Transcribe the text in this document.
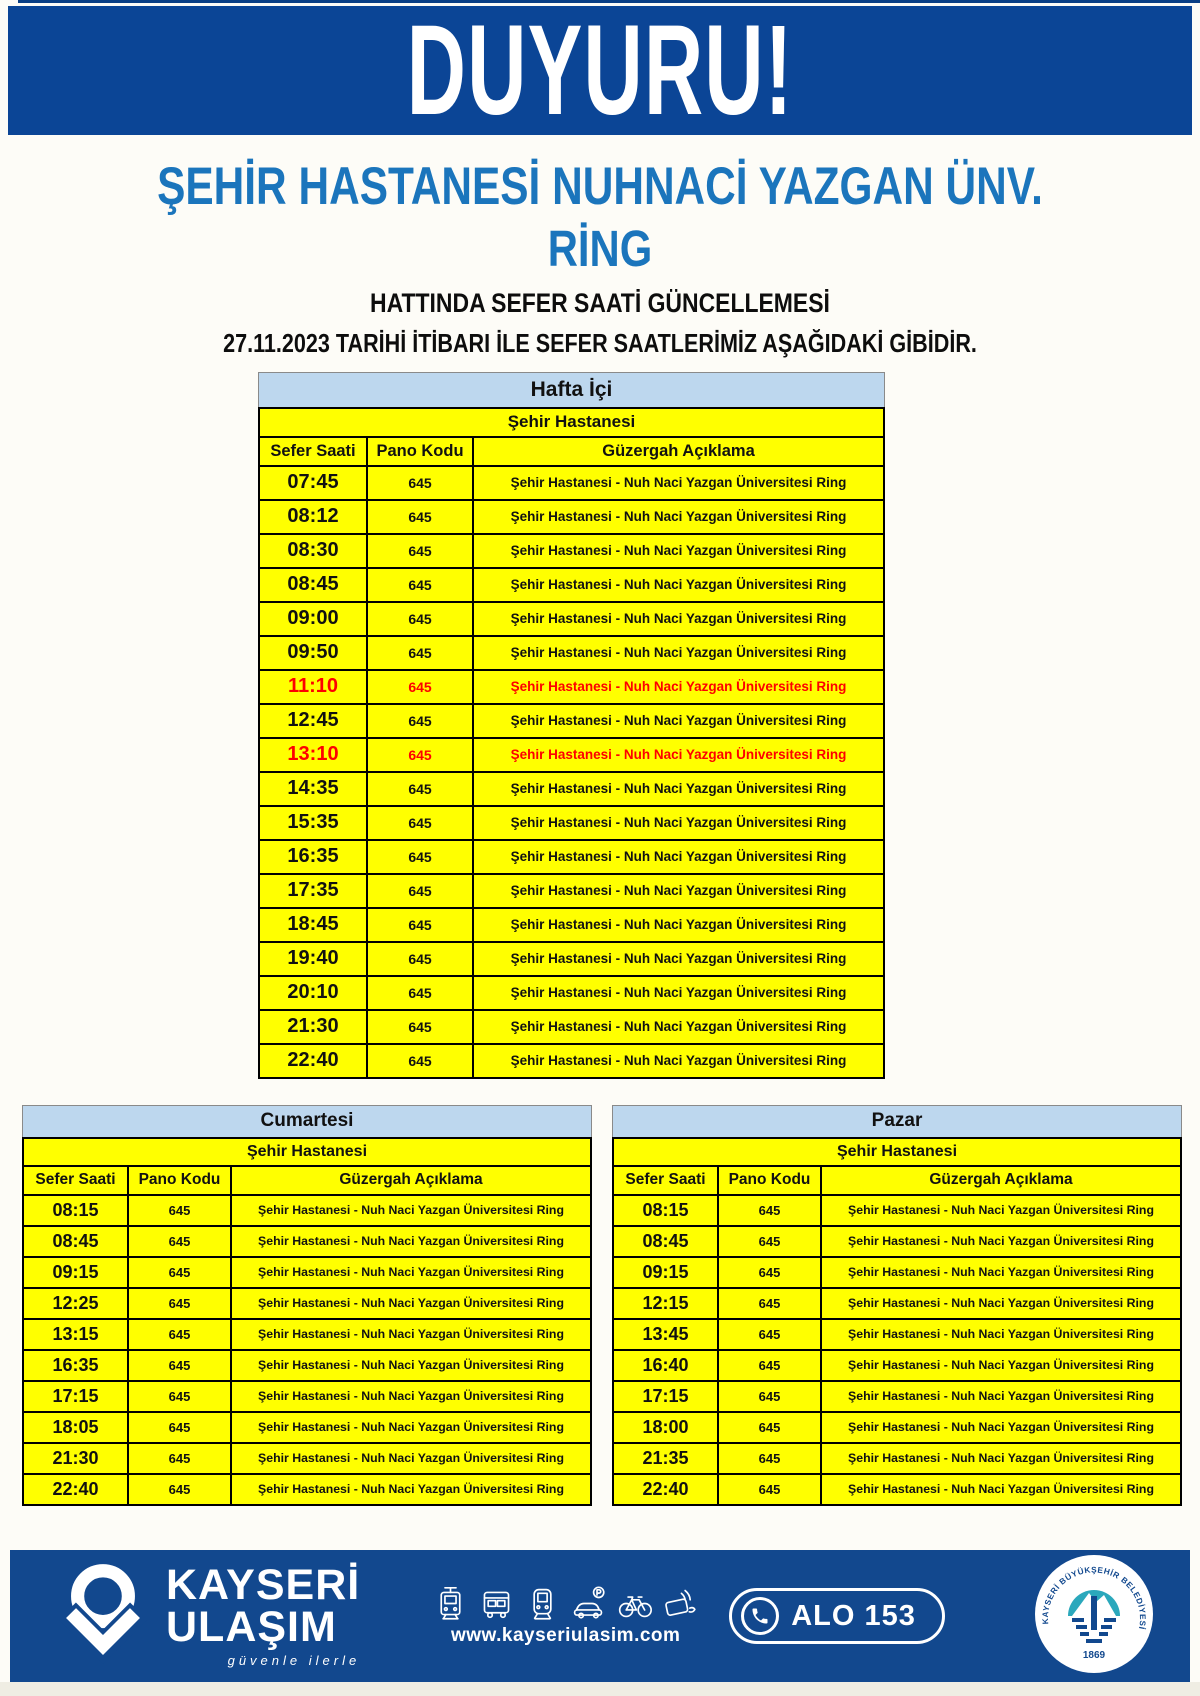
DUYURU!
ŞEHİR HASTANESİ NUHNACİ YAZGAN ÜNV.
RİNG
HATTINDA SEFER SAATİ GÜNCELLEMESİ
27.11.2023 TARİHİ İTİBARI İLE SEFER SAATLERİMİZ AŞAĞIDAKİ GİBİDİR.
Hafta İçi
Şehir Hastanesi
Sefer Saati	Pano Kodu	Güzergah Açıklama
07:45	645	Şehir Hastanesi - Nuh Naci Yazgan Üniversitesi Ring
08:12	645	Şehir Hastanesi - Nuh Naci Yazgan Üniversitesi Ring
08:30	645	Şehir Hastanesi - Nuh Naci Yazgan Üniversitesi Ring
08:45	645	Şehir Hastanesi - Nuh Naci Yazgan Üniversitesi Ring
09:00	645	Şehir Hastanesi - Nuh Naci Yazgan Üniversitesi Ring
09:50	645	Şehir Hastanesi - Nuh Naci Yazgan Üniversitesi Ring
11:10	645	Şehir Hastanesi - Nuh Naci Yazgan Üniversitesi Ring
12:45	645	Şehir Hastanesi - Nuh Naci Yazgan Üniversitesi Ring
13:10	645	Şehir Hastanesi - Nuh Naci Yazgan Üniversitesi Ring
14:35	645	Şehir Hastanesi - Nuh Naci Yazgan Üniversitesi Ring
15:35	645	Şehir Hastanesi - Nuh Naci Yazgan Üniversitesi Ring
16:35	645	Şehir Hastanesi - Nuh Naci Yazgan Üniversitesi Ring
17:35	645	Şehir Hastanesi - Nuh Naci Yazgan Üniversitesi Ring
18:45	645	Şehir Hastanesi - Nuh Naci Yazgan Üniversitesi Ring
19:40	645	Şehir Hastanesi - Nuh Naci Yazgan Üniversitesi Ring
20:10	645	Şehir Hastanesi - Nuh Naci Yazgan Üniversitesi Ring
21:30	645	Şehir Hastanesi - Nuh Naci Yazgan Üniversitesi Ring
22:40	645	Şehir Hastanesi - Nuh Naci Yazgan Üniversitesi Ring
Cumartesi
Şehir Hastanesi
Sefer Saati	Pano Kodu	Güzergah Açıklama
08:15	645	Şehir Hastanesi - Nuh Naci Yazgan Üniversitesi Ring
08:45	645	Şehir Hastanesi - Nuh Naci Yazgan Üniversitesi Ring
09:15	645	Şehir Hastanesi - Nuh Naci Yazgan Üniversitesi Ring
12:25	645	Şehir Hastanesi - Nuh Naci Yazgan Üniversitesi Ring
13:15	645	Şehir Hastanesi - Nuh Naci Yazgan Üniversitesi Ring
16:35	645	Şehir Hastanesi - Nuh Naci Yazgan Üniversitesi Ring
17:15	645	Şehir Hastanesi - Nuh Naci Yazgan Üniversitesi Ring
18:05	645	Şehir Hastanesi - Nuh Naci Yazgan Üniversitesi Ring
21:30	645	Şehir Hastanesi - Nuh Naci Yazgan Üniversitesi Ring
22:40	645	Şehir Hastanesi - Nuh Naci Yazgan Üniversitesi Ring
Pazar
Şehir Hastanesi
Sefer Saati	Pano Kodu	Güzergah Açıklama
08:15	645	Şehir Hastanesi - Nuh Naci Yazgan Üniversitesi Ring
08:45	645	Şehir Hastanesi - Nuh Naci Yazgan Üniversitesi Ring
09:15	645	Şehir Hastanesi - Nuh Naci Yazgan Üniversitesi Ring
12:15	645	Şehir Hastanesi - Nuh Naci Yazgan Üniversitesi Ring
13:45	645	Şehir Hastanesi - Nuh Naci Yazgan Üniversitesi Ring
16:40	645	Şehir Hastanesi - Nuh Naci Yazgan Üniversitesi Ring
17:15	645	Şehir Hastanesi - Nuh Naci Yazgan Üniversitesi Ring
18:00	645	Şehir Hastanesi - Nuh Naci Yazgan Üniversitesi Ring
21:35	645	Şehir Hastanesi - Nuh Naci Yazgan Üniversitesi Ring
22:40	645	Şehir Hastanesi - Nuh Naci Yazgan Üniversitesi Ring
KAYSERİ
ULAŞIM
güvenle ilerle
www.kayseriulasim.com
ALO 153	KAYSERİ BÜYÜKŞEHİR BELEDİYESİ
1869
